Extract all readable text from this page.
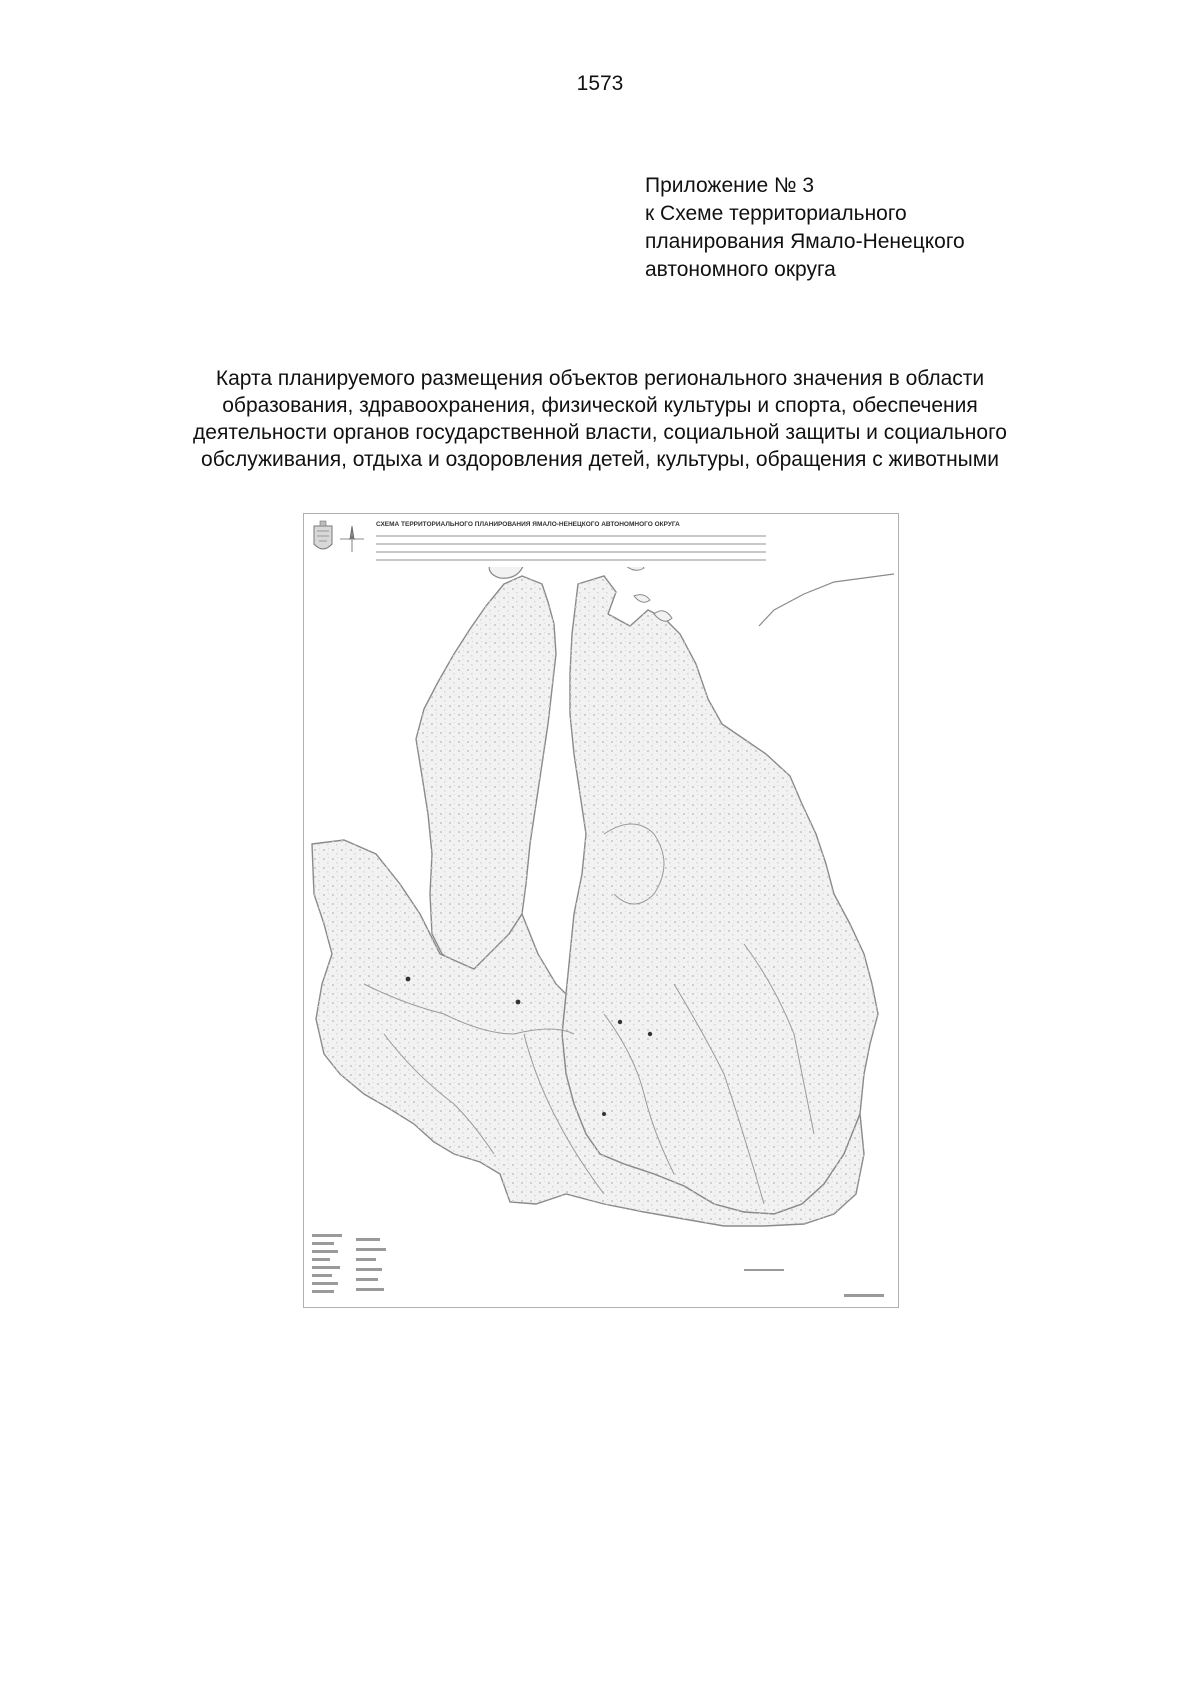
1573
Приложение № 3
к Схеме территориального
планирования Ямало-Ненецкого
автономного округа
Карта планируемого размещения объектов регионального значения в области
образования, здравоохранения, физической культуры и спорта, обеспечения
деятельности органов государственной власти, социальной защиты и социального
обслуживания, отдыха и оздоровления детей, культуры, обращения с животными
СХЕМА ТЕРРИТОРИАЛЬНОГО ПЛАНИРОВАНИЯ ЯМАЛО-НЕНЕЦКОГО АВТОНОМНОГО ОКРУГА
